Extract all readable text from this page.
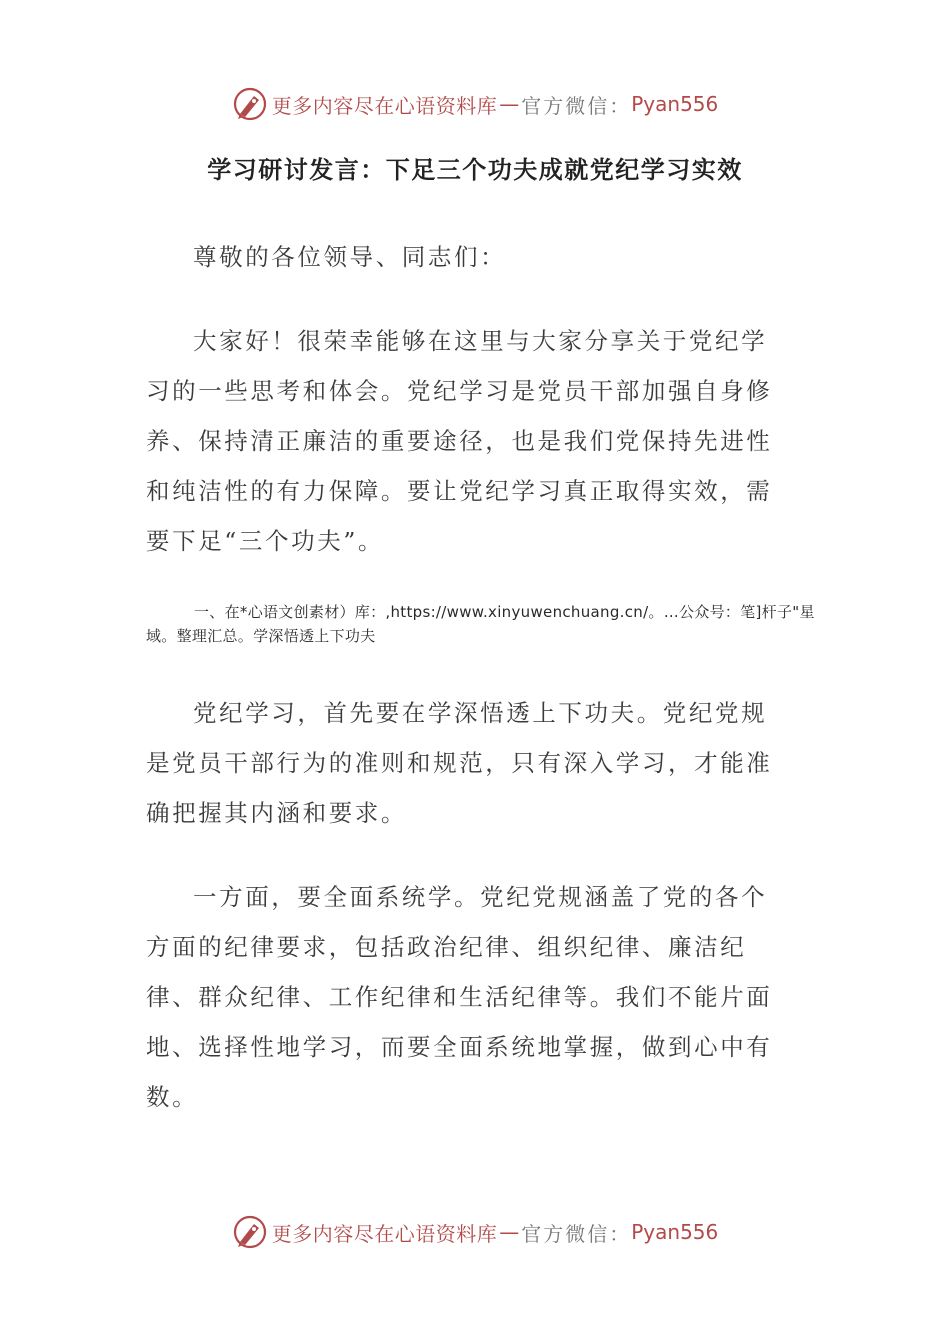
更多内容尽在心语资料库 — 官方微信： Pyan556
学习研讨发言：下足三个功夫成就党纪学习实效

尊敬的各位领导、同志们：

大家好！很荣幸能够在这里与大家分享关于党纪学习的一些思考和体会。党纪学习是党员干部加强自身修养、保持清正廉洁的重要途径，也是我们党保持先进性和纯洁性的有力保障。要让党纪学习真正取得实效，需要下足“三个功夫”。

一、在*心语文创素材）库：,https://www.xinyuwenchuang.cn/。…公众号：笔]杆子"星域。整理汇总。学深悟透上下功夫

党纪学习，首先要在学深悟透上下功夫。党纪党规是党员干部行为的准则和规范，只有深入学习，才能准确把握其内涵和要求。

一方面，要全面系统学。党纪党规涵盖了党的各个方面的纪律要求，包括政治纪律、组织纪律、廉洁纪律、群众纪律、工作纪律和生活纪律等。我们不能片面地、选择性地学习，而要全面系统地掌握，做到心中有数。

更多内容尽在心语资料库 — 官方微信： Pyan556
